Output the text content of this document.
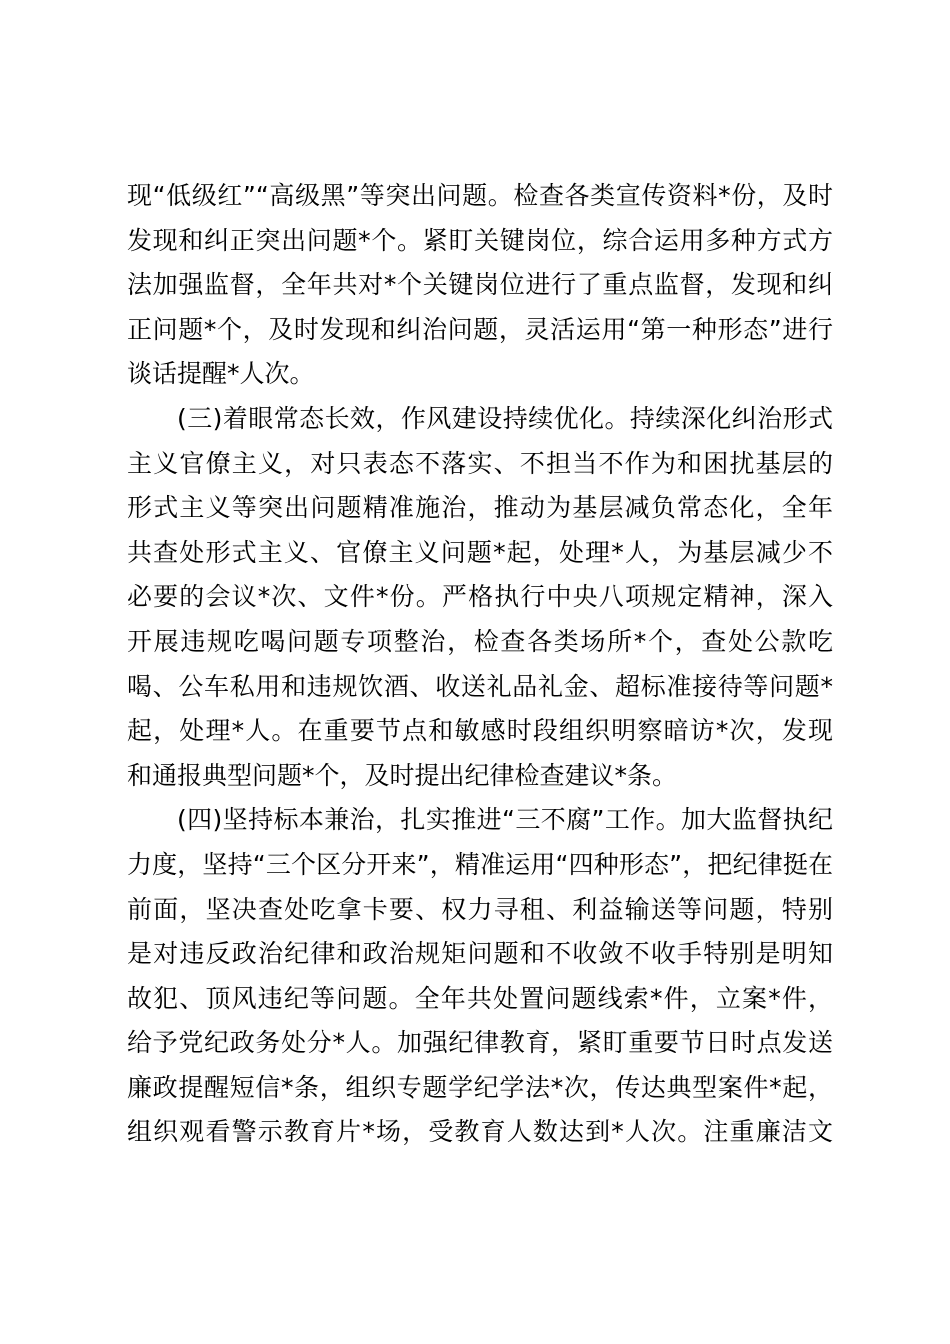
现“低级红”“高级黑”等突出问题。检查各类宣传资料*份，及时
发现和纠正突出问题*个。紧盯关键岗位，综合运用多种方式方
法加强监督，全年共对*个关键岗位进行了重点监督，发现和纠
正问题*个，及时发现和纠治问题，灵活运用“第一种形态”进行
谈话提醒*人次。
(三)着眼常态长效，作风建设持续优化。持续深化纠治形式
主义官僚主义，对只表态不落实、不担当不作为和困扰基层的
形式主义等突出问题精准施治，推动为基层减负常态化，全年
共查处形式主义、官僚主义问题*起，处理*人，为基层减少不
必要的会议*次、文件*份。严格执行中央八项规定精神，深入
开展违规吃喝问题专项整治，检查各类场所*个，查处公款吃
喝、公车私用和违规饮酒、收送礼品礼金、超标准接待等问题*
起，处理*人。在重要节点和敏感时段组织明察暗访*次，发现
和通报典型问题*个，及时提出纪律检查建议*条。
(四)坚持标本兼治，扎实推进“三不腐”工作。加大监督执纪
力度，坚持“三个区分开来”，精准运用“四种形态”，把纪律挺在
前面，坚决查处吃拿卡要、权力寻租、利益输送等问题，特别
是对违反政治纪律和政治规矩问题和不收敛不收手特别是明知
故犯、顶风违纪等问题。全年共处置问题线索*件，立案*件，
给予党纪政务处分*人。加强纪律教育，紧盯重要节日时点发送
廉政提醒短信*条，组织专题学纪学法*次，传达典型案件*起，
组织观看警示教育片*场，受教育人数达到*人次。注重廉洁文
